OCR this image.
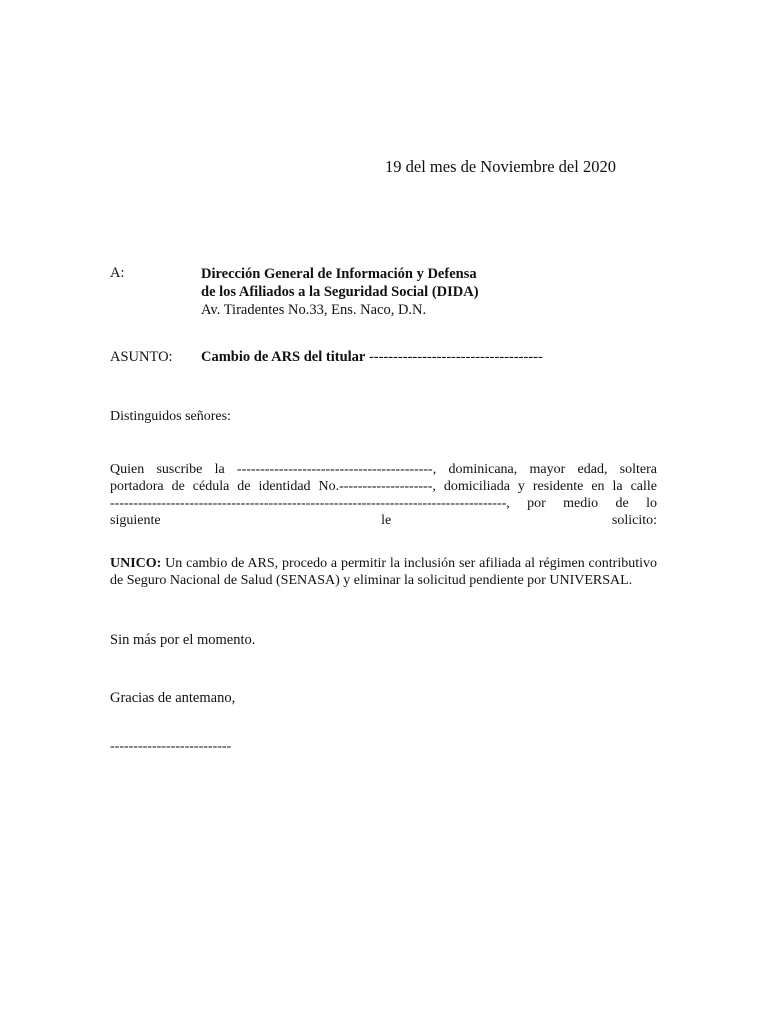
19 del mes de Noviembre del 2020
A:	Dirección General de Información y Defensa
de los Afiliados a la Seguridad Social (DIDA)
Av. Tiradentes No.33, Ens. Naco, D.N.
ASUNTO: Cambio de ARS del titular ------------------------------------
Distinguidos señores:
Quien suscribe la ------------------------------------------, dominicana, mayor edad, soltera
portadora de cédula de identidad No.--------------------, domiciliada y residente en la calle
-------------------------------------------------------------------------------------, por medio de lo
siguiente le solicito:
UNICO: Un cambio de ARS, procedo a permitir la inclusión ser afiliada al régimen contributivo de Seguro Nacional de Salud (SENASA) y eliminar la solicitud pendiente por UNIVERSAL.
Sin más por el momento.
Gracias de antemano,
--------------------------
